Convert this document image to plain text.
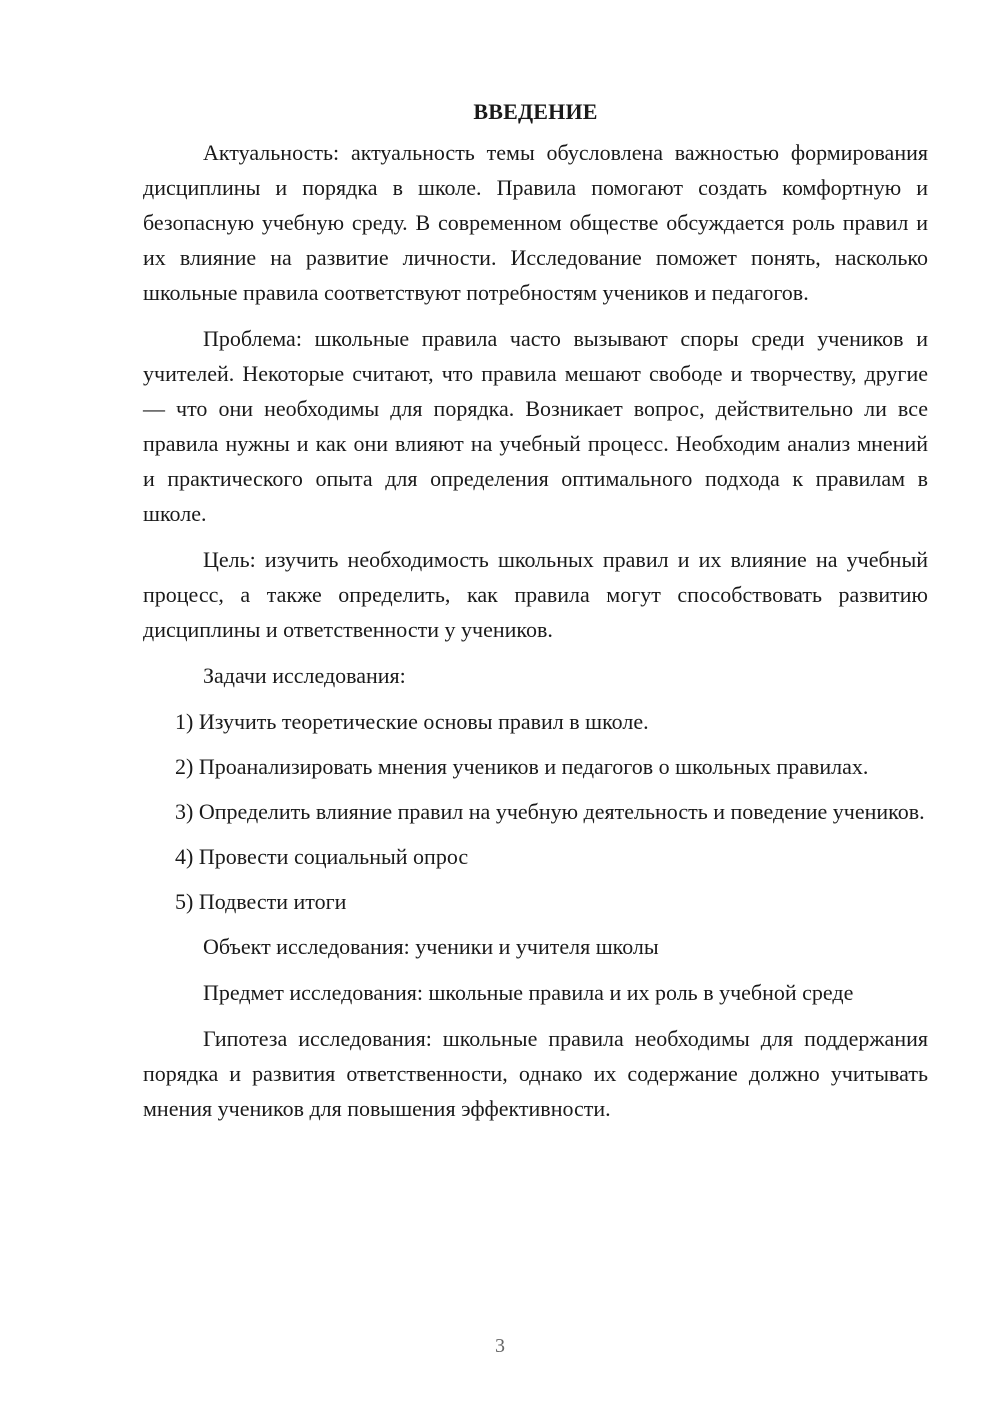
ВВЕДЕНИЕ

Актуальность: актуальность темы обусловлена важностью формирования дисциплины и порядка в школе. Правила помогают создать комфортную и безопасную учебную среду. В современном обществе обсуждается роль правил и их влияние на развитие личности. Исследование поможет понять, насколько школьные правила соответствуют потребностям учеников и педагогов.

Проблема: школьные правила часто вызывают споры среди учеников и учителей. Некоторые считают, что правила мешают свободе и творчеству, другие — что они необходимы для порядка. Возникает вопрос, действительно ли все правила нужны и как они влияют на учебный процесс. Необходим анализ мнений и практического опыта для определения оптимального подхода к правилам в школе.

Цель: изучить необходимость школьных правил и их влияние на учебный процесс, а также определить, как правила могут способствовать развитию дисциплины и ответственности у учеников.

Задачи исследования:

1) Изучить теоретические основы правил в школе.
2) Проанализировать мнения учеников и педагогов о школьных правилах.
3) Определить влияние правил на учебную деятельность и поведение учеников.
4) Провести социальный опрос
5) Подвести итоги

Объект исследования: ученики и учителя школы

Предмет исследования: школьные правила и их роль в учебной среде

Гипотеза исследования: школьные правила необходимы для поддержания порядка и развития ответственности, однако их содержание должно учитывать мнения учеников для повышения эффективности.

3
